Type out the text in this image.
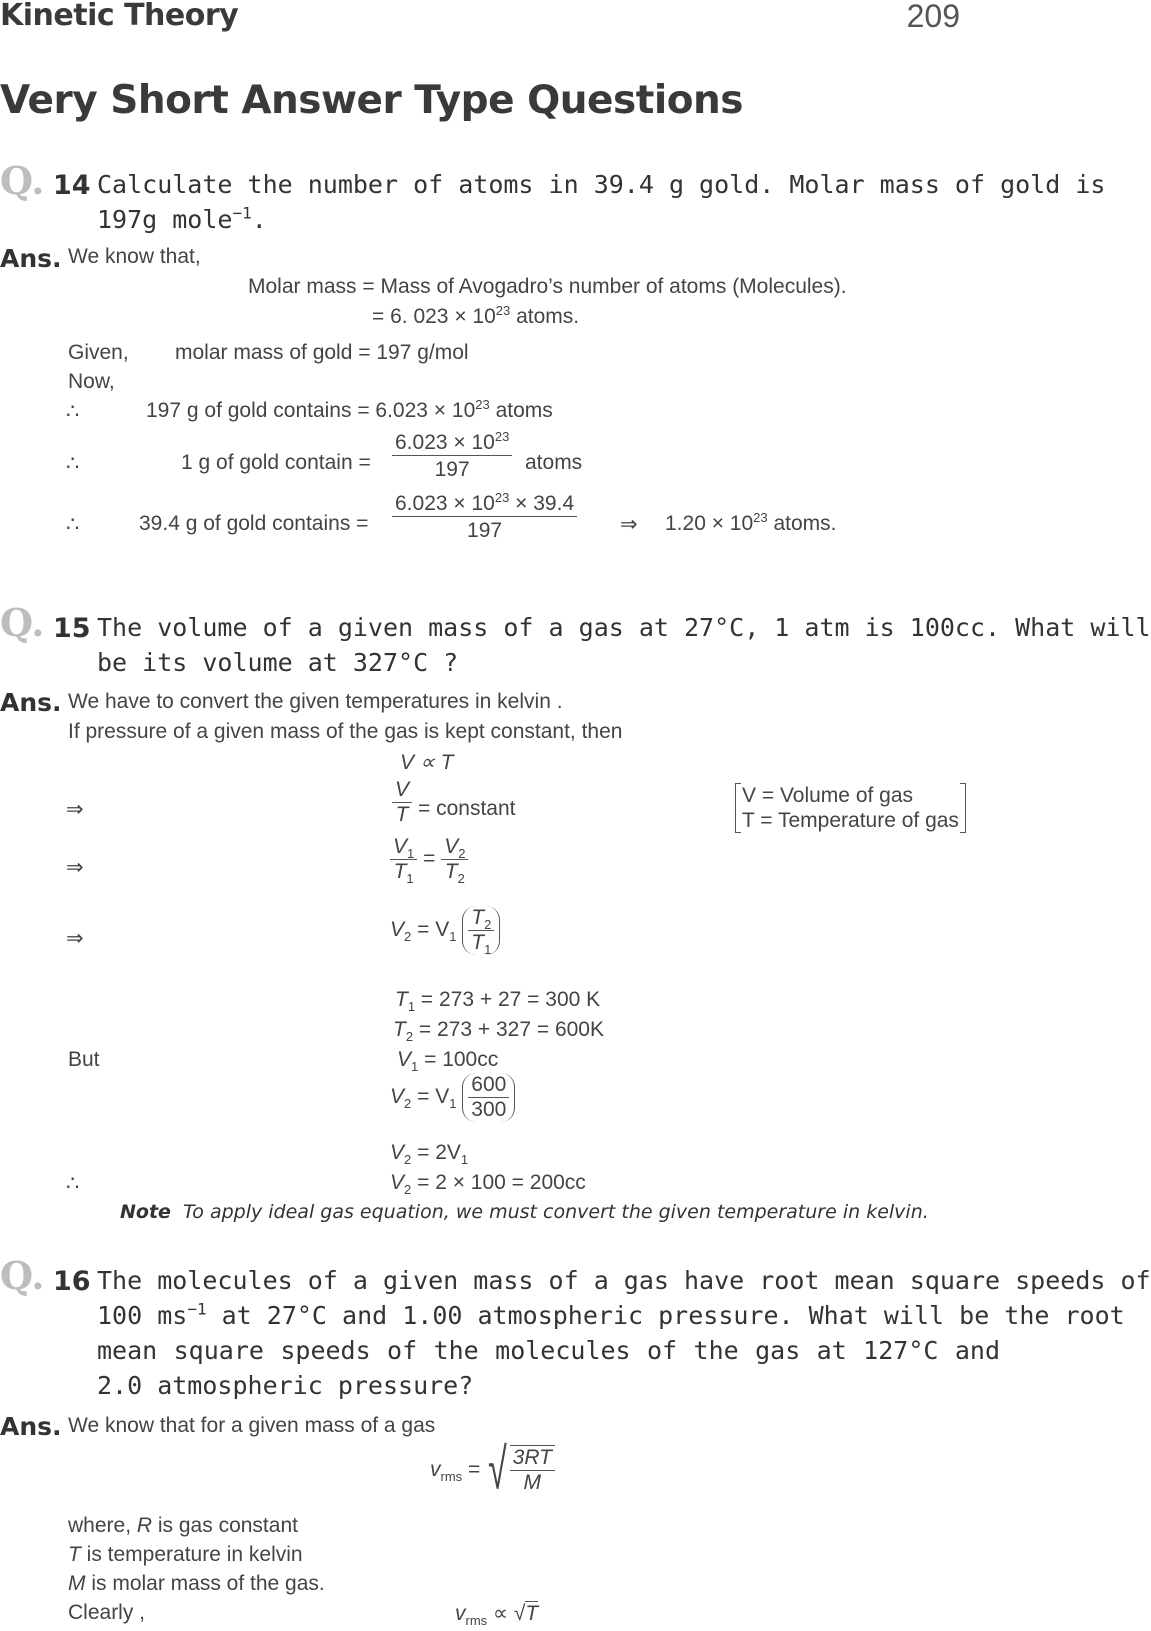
Kinetic Theory	209
Very Short Answer Type Questions
Q. 14 Calculate the number of atoms in 39.4 g gold. Molar mass of gold is
197g mole$^{-1}$.
Ans. We know that,
Molar mass = Mass of Avogadro’s number of atoms (Molecules).
= 6. $023 \times 10^{23}$ atoms.
Given, molar mass of gold = 197 g/mol
Now,
∴	197 g of gold contains = $6.023 \times 10^{23}$ atoms
∴	1 g of gold contain = $\frac{6.023 \times 10^{23}}{197}$ atoms
∴	39.4 g of gold contains = $\frac{6.023 \times 10^{23} \times 39.4}{197}$ ⇒ $1.20 \times 10^{23}$ atoms.
Q. 15 The volume of a given mass of a gas at 27°C, 1 atm is 100cc. What will
be its volume at 327°C ?
Ans. We have to convert the given temperatures in kelvin .
If pressure of a given mass of the gas is kept constant, then
V ∝ T
⇒	$\frac{V}{T}$ = constant
V = Volume of gas
T = Temperature of gas
⇒	$\frac{V_1}{T_1} = \frac{V_2}{T_2}$
⇒	$V_2 = V_1 \frac{T_2}{T_1}$
$T_1 = 273 + 27 = 300$ K
$T_2 = 273 + 327 = 600K$
But	$V_1 = 100cc$
$V_2 = V_1 \frac{600}{300}$
$V_2 = 2V_1$
∴	$V_2 = 2 \times 100 = 200cc$
Note To apply ideal gas equation, we must convert the given temperature in kelvin.
Q. 16 The molecules of a given mass of a gas have root mean square speeds of
100 $ms^{-1}$ at 27°C and 1.00 atmospheric pressure. What will be the root
mean square speeds of the molecules of the gas at 127°C and
2.0 atmospheric pressure?
Ans. We know that for a given mass of a gas
$v_{rms}$ = √ $\frac{3RT}{M}$
where, R is gas constant
T is temperature in kelvin
M is molar mass of the gas.
Clearly ,	$v_{rms} \propto √T$
